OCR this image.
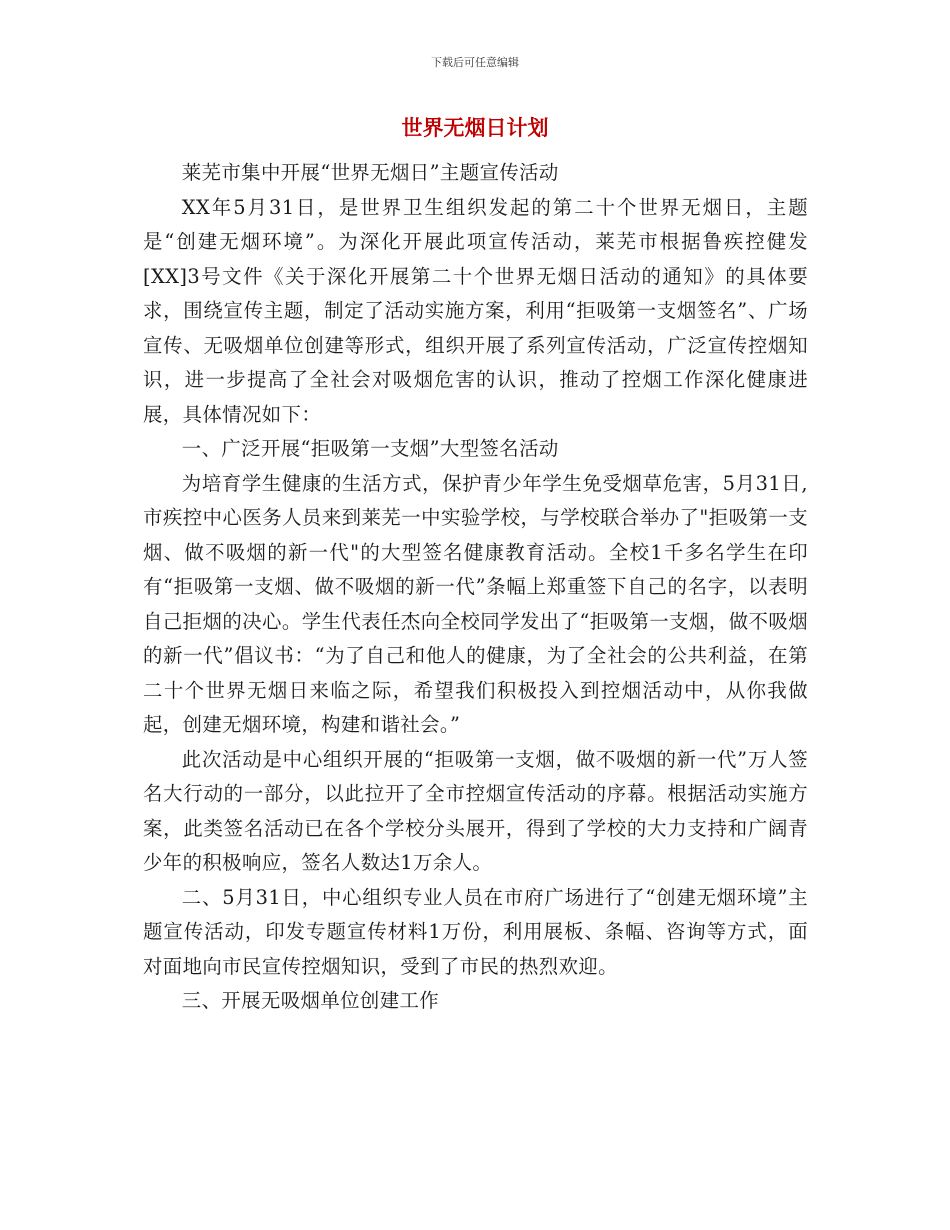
下载后可任意编辑
世界无烟日计划

莱芜市集中开展“世界无烟日”主题宣传活动

XX年5月31日，是世界卫生组织发起的第二十个世界无烟日，主题是“创建无烟环境”。为深化开展此项宣传活动，莱芜市根据鲁疾控健发[XX]3号文件《关于深化开展第二十个世界无烟日活动的通知》的具体要求，围绕宣传主题，制定了活动实施方案，利用“拒吸第一支烟签名”、广场宣传、无吸烟单位创建等形式，组织开展了系列宣传活动，广泛宣传控烟知识，进一步提高了全社会对吸烟危害的认识，推动了控烟工作深化健康进展，具体情况如下：

一、广泛开展“拒吸第一支烟”大型签名活动

为培育学生健康的生活方式，保护青少年学生免受烟草危害，5月31日,市疾控中心医务人员来到莱芜一中实验学校，与学校联合举办了"拒吸第一支烟、做不吸烟的新一代"的大型签名健康教育活动。全校1千多名学生在印有“拒吸第一支烟、做不吸烟的新一代”条幅上郑重签下自己的名字，以表明自己拒烟的决心。学生代表任杰向全校同学发出了“拒吸第一支烟，做不吸烟的新一代”倡议书：“为了自己和他人的健康，为了全社会的公共利益，在第二十个世界无烟日来临之际，希望我们积极投入到控烟活动中，从你我做起，创建无烟环境，构建和谐社会。”

此次活动是中心组织开展的“拒吸第一支烟，做不吸烟的新一代”万人签名大行动的一部分，以此拉开了全市控烟宣传活动的序幕。根据活动实施方案，此类签名活动已在各个学校分头展开，得到了学校的大力支持和广阔青少年的积极响应，签名人数达1万余人。

二、5月31日，中心组织专业人员在市府广场进行了“创建无烟环境”主题宣传活动，印发专题宣传材料1万份，利用展板、条幅、咨询等方式，面对面地向市民宣传控烟知识，受到了市民的热烈欢迎。

三、开展无吸烟单位创建工作
